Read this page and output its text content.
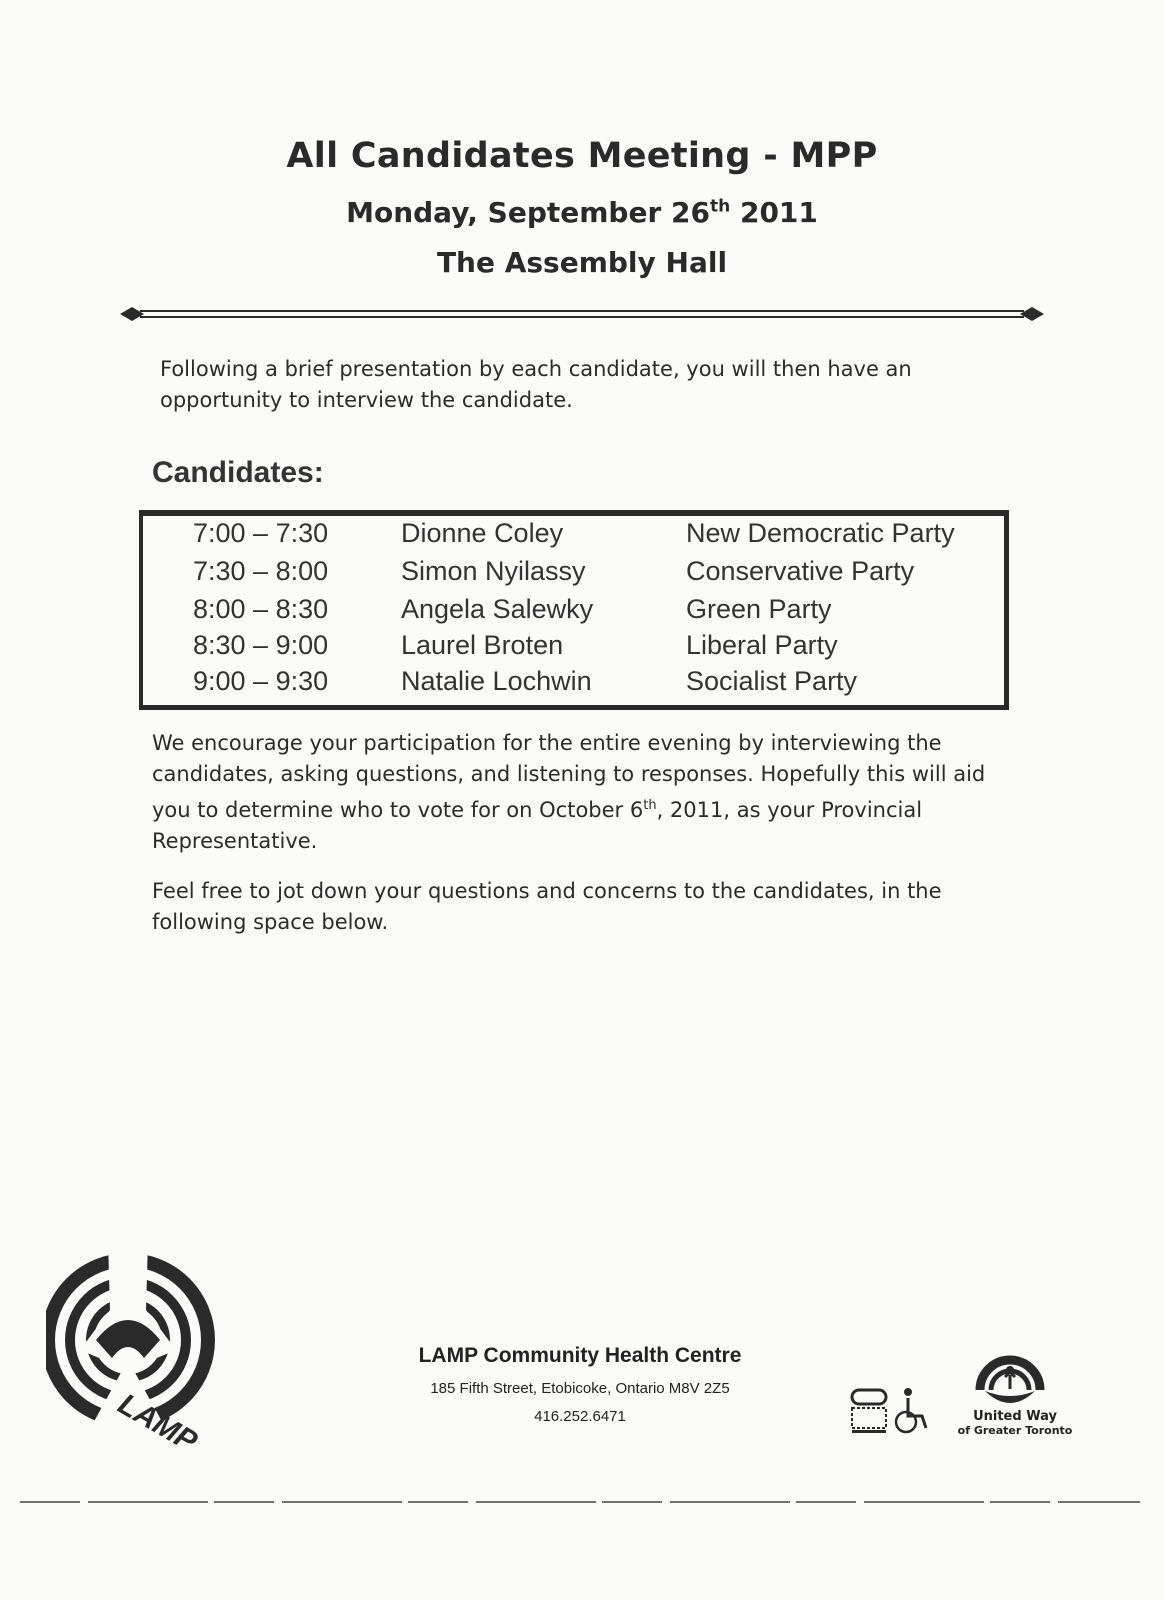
All Candidates Meeting - MPP
Monday, September 26th 2011
The Assembly Hall
Following a brief presentation by each candidate, you will then have an opportunity to interview the candidate.
Candidates:
7:00 – 7:30	Dionne Coley	New Democratic Party
7:30 – 8:00	Simon Nyilassy	Conservative Party
8:00 – 8:30	Angela Salewky	Green Party
8:30 – 9:00	Laurel Broten	Liberal Party
9:00 – 9:30	Natalie Lochwin	Socialist Party
We encourage your participation for the entire evening by interviewing the candidates, asking questions, and listening to responses. Hopefully this will aid you to determine who to vote for on October 6th, 2011, as your Provincial Representative.
Feel free to jot down your questions and concerns to the candidates, in the following space below.
LAMP
LAMP Community Health Centre
185 Fifth Street, Etobicoke, Ontario M8V 2Z5
416.252.6471	United Way
of Greater Toronto
